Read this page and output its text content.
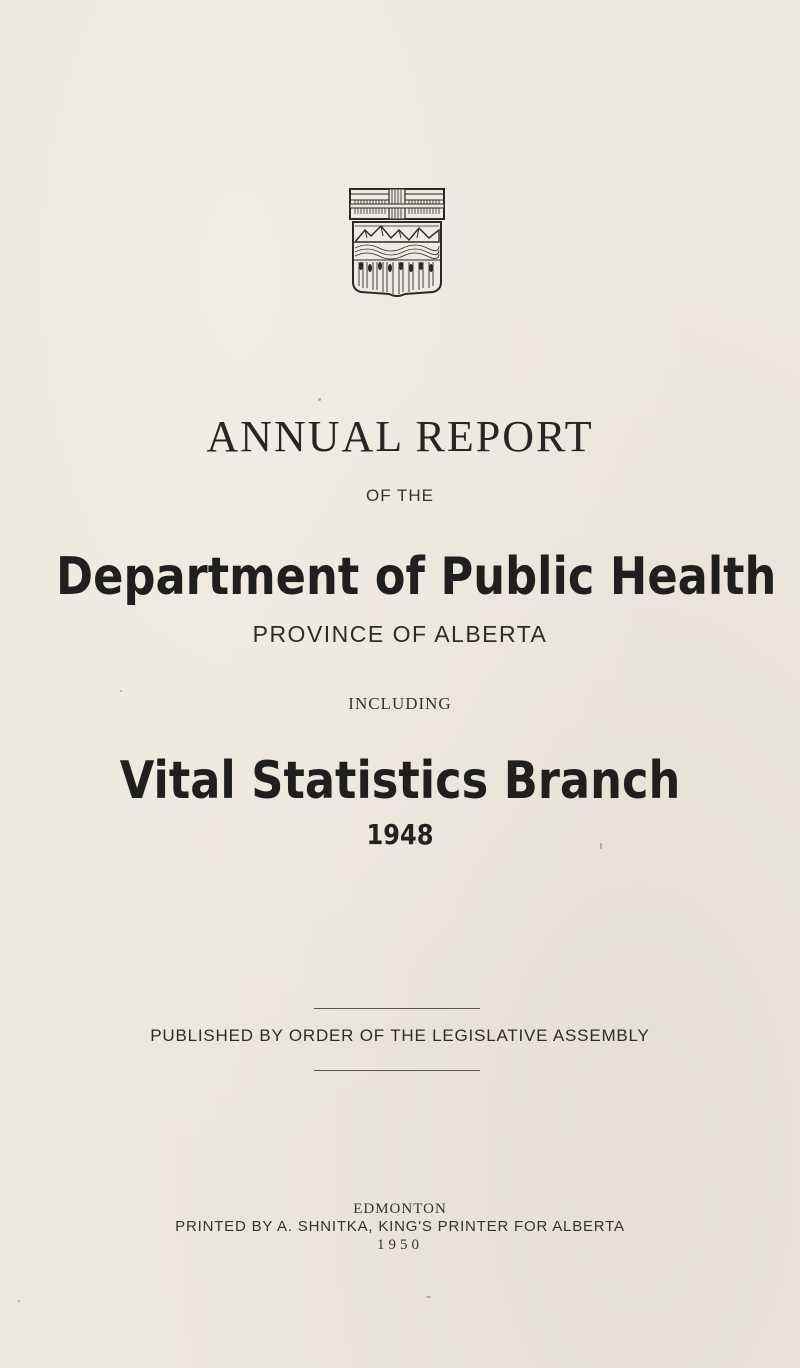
ANNUAL REPORT
OF THE
Department of Public Health
PROVINCE OF ALBERTA
INCLUDING
Vital Statistics Branch
1948
PUBLISHED BY ORDER OF THE LEGISLATIVE ASSEMBLY
EDMONTON
PRINTED BY A. SHNITKA, KING'S PRINTER FOR ALBERTA
1950
